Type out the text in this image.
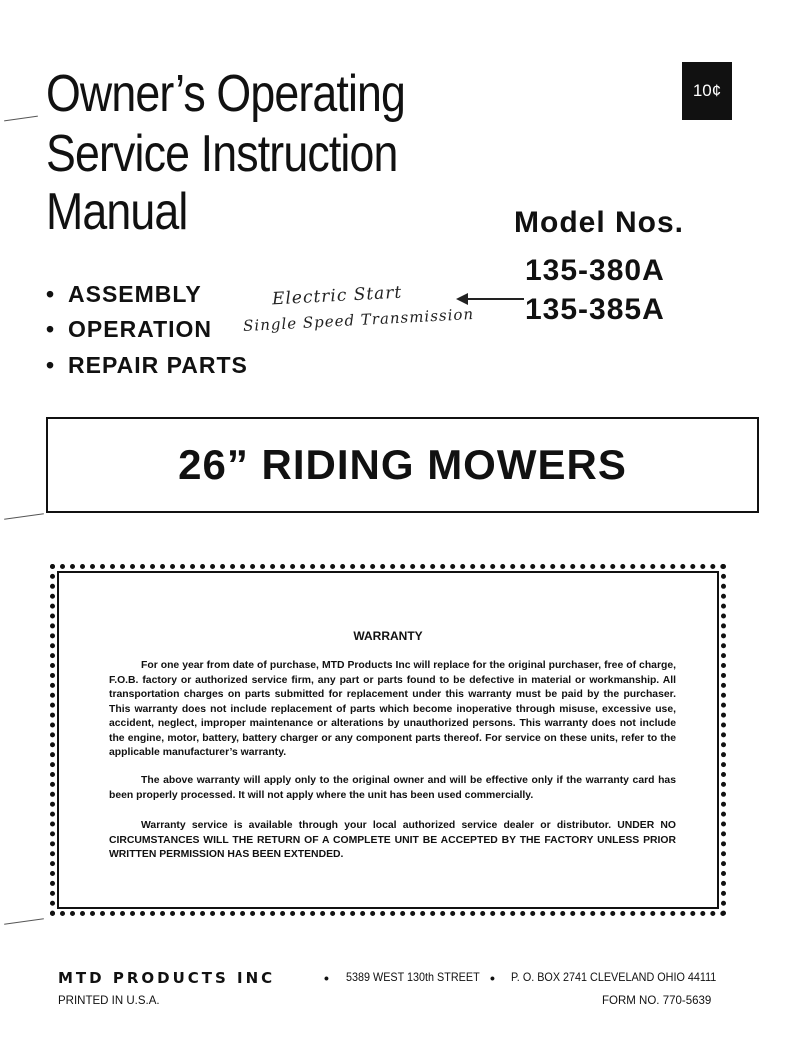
Owner’s Operating
Service Instruction
Manual
10¢
Model Nos.
135-380A
135-385A
• ASSEMBLY
• OPERATION
• REPAIR PARTS
Electric Start
Single Speed Transmission
26” RIDING MOWERS
WARRANTY

For one year from date of purchase, MTD Products Inc will replace for the original purchaser, free of charge, F.O.B. factory or authorized service firm, any part or parts found to be defective in material or workmanship. All transportation charges on parts submitted for replacement under this warranty must be paid by the purchaser. This warranty does not include replacement of parts which become inoperative through misuse, excessive use, accident, neglect, improper maintenance or alterations by unauthorized persons. This warranty does not include the engine, motor, battery, battery charger or any component parts thereof. For service on these units, refer to the applicable manufacturer’s warranty.

The above warranty will apply only to the original owner and will be effective only if the warranty card has been properly processed. It will not apply where the unit has been used commercially.

Warranty service is available through your local authorized service dealer or distributor. UNDER NO CIRCUMSTANCES WILL THE RETURN OF A COMPLETE UNIT BE ACCEPTED BY THE FACTORY UNLESS PRIOR WRITTEN PERMISSION HAS BEEN EXTENDED.

MTD PRODUCTS INC	• 5389 WEST 130th STREET • P. O. BOX 2741 CLEVELAND OHIO 44111
PRINTED IN U.S.A.	FORM NO. 770-5639
